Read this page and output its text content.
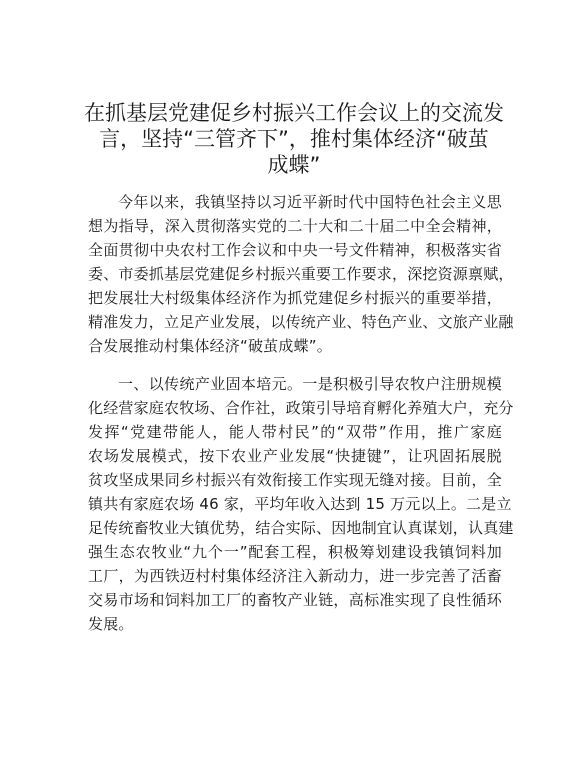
在抓基层党建促乡村振兴工作会议上的交流发
言，坚持“三管齐下”，推村集体经济“破茧
成蝶”

今年以来，我镇坚持以习近平新时代中国特色社会主义思
想为指导，深入贯彻落实党的二十大和二十届二中全会精神，
全面贯彻中央农村工作会议和中央一号文件精神，积极落实省
委、市委抓基层党建促乡村振兴重要工作要求，深挖资源禀赋，
把发展壮大村级集体经济作为抓党建促乡村振兴的重要举措，
精准发力，立足产业发展，以传统产业、特色产业、文旅产业融
合发展推动村集体经济“破茧成蝶”。

一、以传统产业固本培元。一是积极引导农牧户注册规模
化经营家庭农牧场、合作社，政策引导培育孵化养殖大户，充分
发挥“党建带能人，能人带村民”的“双带”作用，推广家庭
农场发展模式，按下农业产业发展“快捷键”，让巩固拓展脱
贫攻坚成果同乡村振兴有效衔接工作实现无缝对接。目前，全
镇共有家庭农场 46 家，平均年收入达到 15 万元以上。二是立
足传统畜牧业大镇优势，结合实际、因地制宜认真谋划，认真建
强生态农牧业“九个一”配套工程，积极筹划建设我镇饲料加
工厂，为西铁迈村村集体经济注入新动力，进一步完善了活畜
交易市场和饲料加工厂的畜牧产业链，高标准实现了良性循环
发展。
